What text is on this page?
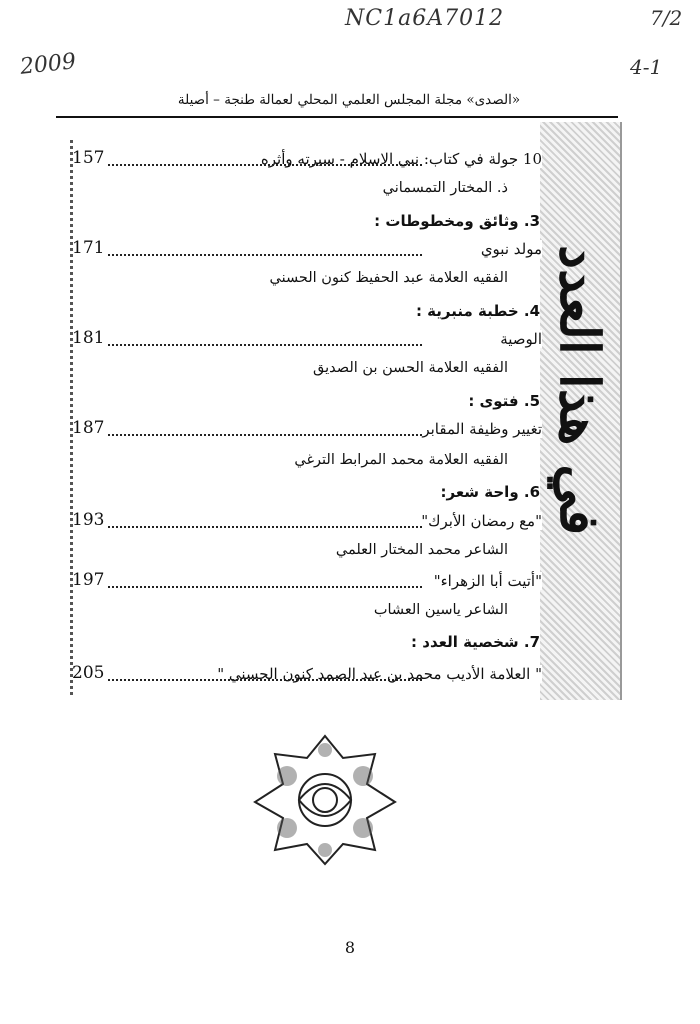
NC1a6A7012	7/2
2009	4-1
«الصدى» مجلة المجلس العلمي المحلي لعمالة طنجة – أصيلة
في هذا العدد
10 جولة في كتاب: نبي الاسلام - سيرته وأثره
157
ذ. المختار التمسماني
3. وثائق ومخطوطات :
مولد نبوي
171
الفقيه العلامة عبد الحفيظ كنون الحسني
4. خطبة منبرية :
الوصية
181
الفقيه العلامة الحسن بن الصديق
5. فتوى :
تغيير وظيفة المقابر
187
الفقيه العلامة محمد المرابط الترغي
6. واحة شعر:
"مع رمضان الأبرك"
193
الشاعر محمد المختار العلمي
"أتيت أبا الزهراء"
197
الشاعر ياسين العشاب
7. شخصية العدد :
" العلامة الأديب محمد بن عبد الصمد كنون الحسني "
205
8
